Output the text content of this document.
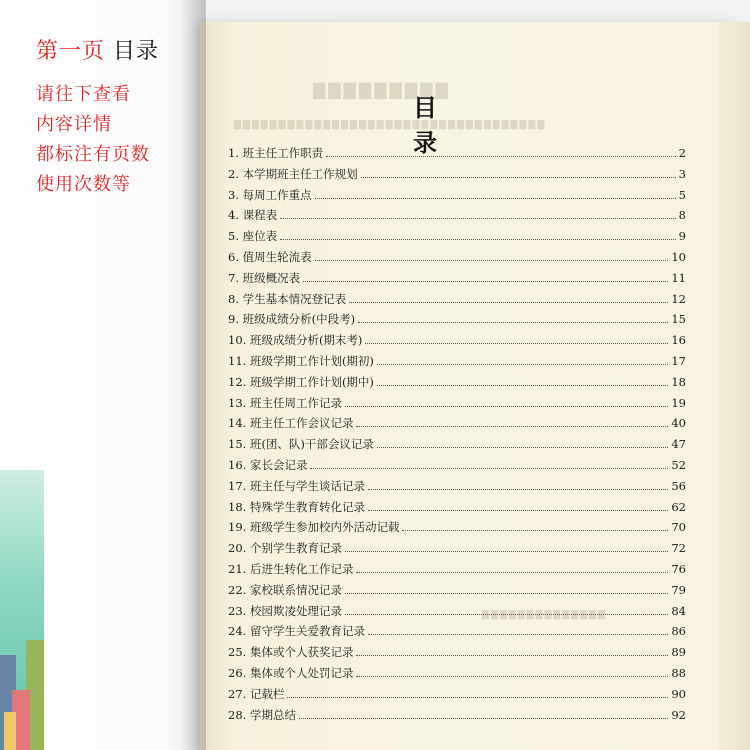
▇▇▇▇▇▇▇▇▇
▇▇▇▇▇▇▇▇▇▇▇▇▇▇▇▇▇▇▇▇▇▇▇▇▇▇▇▇▇▇▇▇▇▇▇
▇▇▇▇▇▇▇▇▇▇▇▇▇▇
第一页 目录
请往下查看
内容详情
都标注有页数
使用次数等
目录
1. 班主任工作职责	2
2. 本学期班主任工作规划	3
3. 每周工作重点	5
4. 课程表	8
5. 座位表	9
6. 值周生轮流表	10
7. 班级概况表	11
8. 学生基本情况登记表	12
9. 班级成绩分析(中段考)	15
10. 班级成绩分析(期末考)	16
11. 班级学期工作计划(期初)	17
12. 班级学期工作计划(期中)	18
13. 班主任周工作记录	19
14. 班主任工作会议记录	40
15. 班(团、队)干部会议记录	47
16. 家长会记录	52
17. 班主任与学生谈话记录	56
18. 特殊学生教育转化记录	62
19. 班级学生参加校内外活动记载	70
20. 个别学生教育记录	72
21. 后进生转化工作记录	76
22. 家校联系情况记录	79
23. 校园欺凌处理记录	84
24. 留守学生关爱教育记录	86
25. 集体或个人获奖记录	89
26. 集体或个人处罚记录	88
27. 记载栏	90
28. 学期总结	92
